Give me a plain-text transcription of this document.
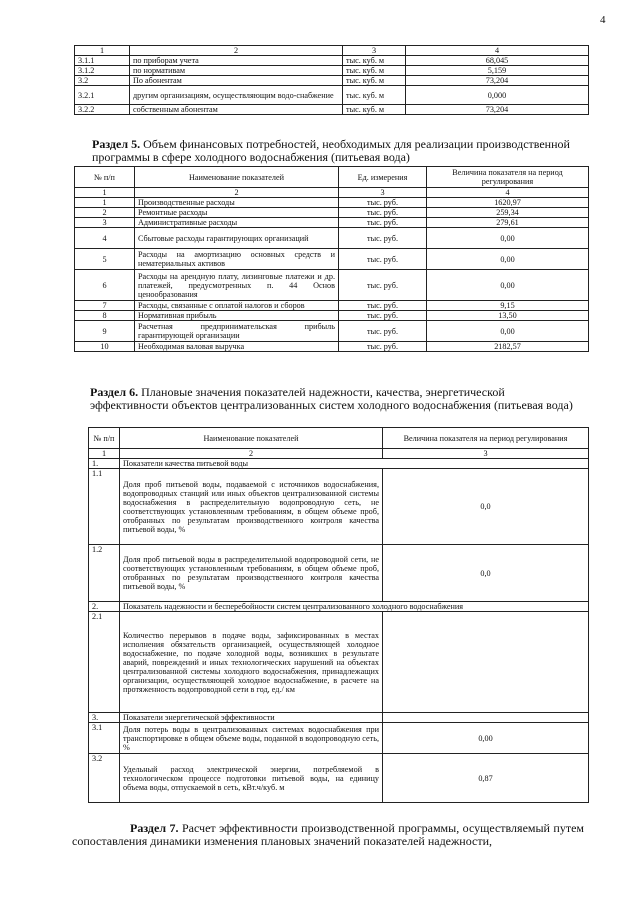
4
1	2	3	4
3.1.1	по приборам учета	тыс. куб. м	68,045
3.1.2	по нормативам	тыс. куб. м	5,159
3.2	По абонентам	тыс. куб. м	73,204
3.2.1	другим организациям, осуществляющим водо-снабжение	тыс. куб. м	0,000
3.2.2	собственным абонентам	тыс. куб. м	73,204
Раздел 5. Объем финансовых потребностей, необходимых для реализации производственной программы в сфере холодного водоснабжения (питьевая вода)
№ п/п	Наименование показателей	Ед. измерения	Величина показателя на период регулирования
1	2	3	4
1	Производственные расходы	тыс. руб.	1620,97
2	Ремонтные расходы	тыс. руб.	259,34
3	Административные расходы	тыс. руб.	279,61
4	Сбытовые расходы гарантирующих организаций	тыс. руб.	0,00
5	Расходы на амортизацию основных средств и нематериальных активов	тыс. руб.	0,00
6	Расходы на арендную плату, лизинговые платежи и др. платежей, предусмотренных п. 44 Основ ценообразования	тыс. руб.	0,00
7	Расходы, связанные с оплатой налогов и сборов	тыс. руб.	9,15
8	Нормативная прибыль	тыс. руб.	13,50
9	Расчетная предпринимательская прибыль гарантирующей организации	тыс. руб.	0,00
10	Необходимая валовая выручка	тыс. руб.	2182,57
Раздел 6. Плановые значения показателей надежности, качества, энергетической эффективности объектов централизованных систем холодного водоснабжения (питьевая вода)
№ п/п	Наименование показателей	Величина показателя на период регулирования
1	2	3
1.	Показатели качества питьевой воды	
1.1	Доля проб питьевой воды, подаваемой с источников водоснабжения, водопроводных станций или иных объектов централизованной системы водоснабжения в распределительную водопроводную сеть, не соответствующих установленным требованиям, в общем объеме проб, отобранных по результатам производственного контроля качества питьевой воды, %	0,0
1.2	Доля проб питьевой воды в распределительной водопроводной сети, не соответствующих установленным требованиям, в общем объеме проб, отобранных по результатам производственного контроля качества питьевой воды, %	0,0
2.	Показатель надежности и бесперебойности систем централизованного холодного водоснабжения	
2.1	Количество перерывов в подаче воды, зафиксированных в местах исполнения обязательств организацией, осуществляющей холодное водоснабжение, по подаче холодной воды, возникших в результате аварий, повреждений и иных технологических нарушений на объектах централизованной системы холодного водоснабжения, принадлежащих организации, осуществляющей холодное водоснабжение, в расчете на протяженность водопроводной сети в год, ед./ км	
3.	Показатели энергетической эффективности	
3.1	Доля потерь воды в централизованных системах водоснабжения при транспортировке в общем объеме воды, поданной в водопроводную сеть, %	0,00
3.2	Удельный расход электрической энергии, потребляемой в технологическом процессе подготовки питьевой воды, на единицу объема воды, отпускаемой в сеть, кВт.ч/куб. м	0,87
Раздел 7. Расчет эффективности производственной программы, осуществляемый путем сопоставления динамики изменения плановых значений показателей надежности,
